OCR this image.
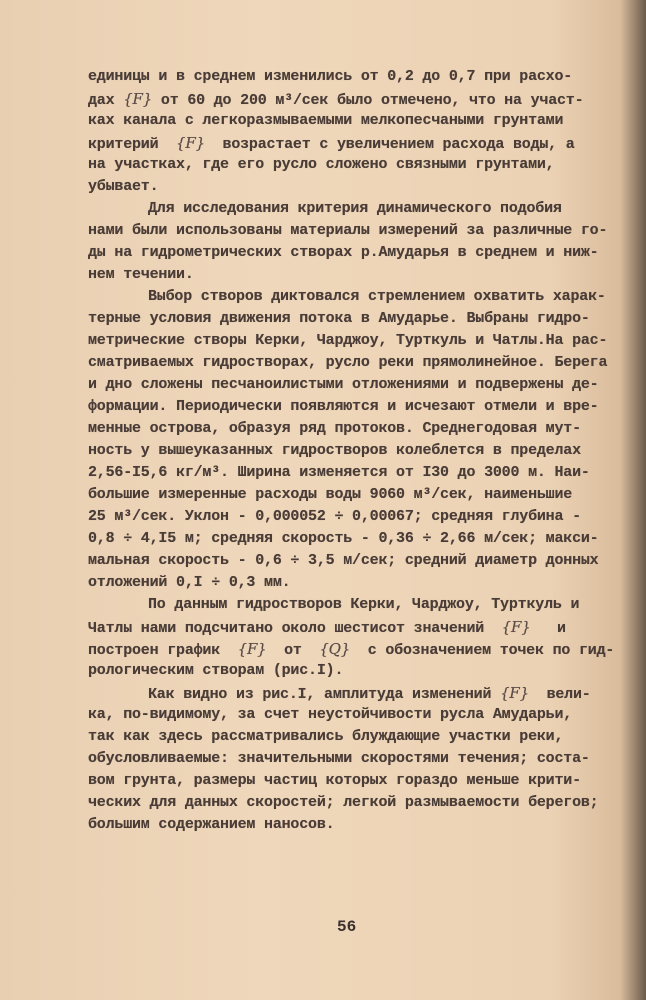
единицы и в среднем изменились от 0,2 до 0,7 при расхо-
дах {F} от 60 до 200 м³/сек было отмечено, что на участ-
ках канала с легкоразмываемыми мелкопесчаными грунтами
критерий  {F}  возрастает с увеличением расхода воды, а
на участках, где его русло сложено связными грунтами,
убывает.
Для исследования критерия динамического подобия
нами были использованы материалы измерений за различные го-
ды на гидрометрических створах р.Амударья в среднем и ниж-
нем течении.
Выбор створов диктовался стремлением охватить харак-
терные условия движения потока в Амударье. Выбраны гидро-
метрические створы Керки, Чарджоу, Турткуль и Чатлы.На рас-
сматриваемых гидростворах, русло реки прямолинейное. Берега
и дно сложены песчаноилистыми отложениями и подвержены де-
формации. Периодически появляются и исчезают отмели и вре-
менные острова, образуя ряд протоков. Среднегодовая мут-
ность у вышеуказанных гидростворов колеблется в пределах
2,56-I5,6 кг/м³. Ширина изменяется от I30 до 3000 м. Наи-
большие измеренные расходы воды 9060 м³/сек, наименьшие
25 м³/сек. Уклон - 0,000052 ÷ 0,00067; средняя глубина -
0,8 ÷ 4,I5 м; средняя скорость - 0,36 ÷ 2,66 м/сек; макси-
мальная скорость - 0,6 ÷ 3,5 м/сек; средний диаметр донных
отложений 0,I ÷ 0,3 мм.
По данным гидростворов Керки, Чарджоу, Турткуль и
Чатлы нами подсчитано около шестисот значений  {F}   и
построен график  {F}  от  {Q}  с обозначением точек по гид-
рологическим створам (рис.I).
Как видно из рис.I, амплитуда изменений {F}  вели-
ка, по-видимому, за счет неустойчивости русла Амударьи,
так как здесь рассматривались блуждающие участки реки,
обусловливаемые: значительными скоростями течения; соста-
вом грунта, размеры частиц которых гораздо меньше крити-
ческих для данных скоростей; легкой размываемости берегов;
большим содержанием наносов.
56
